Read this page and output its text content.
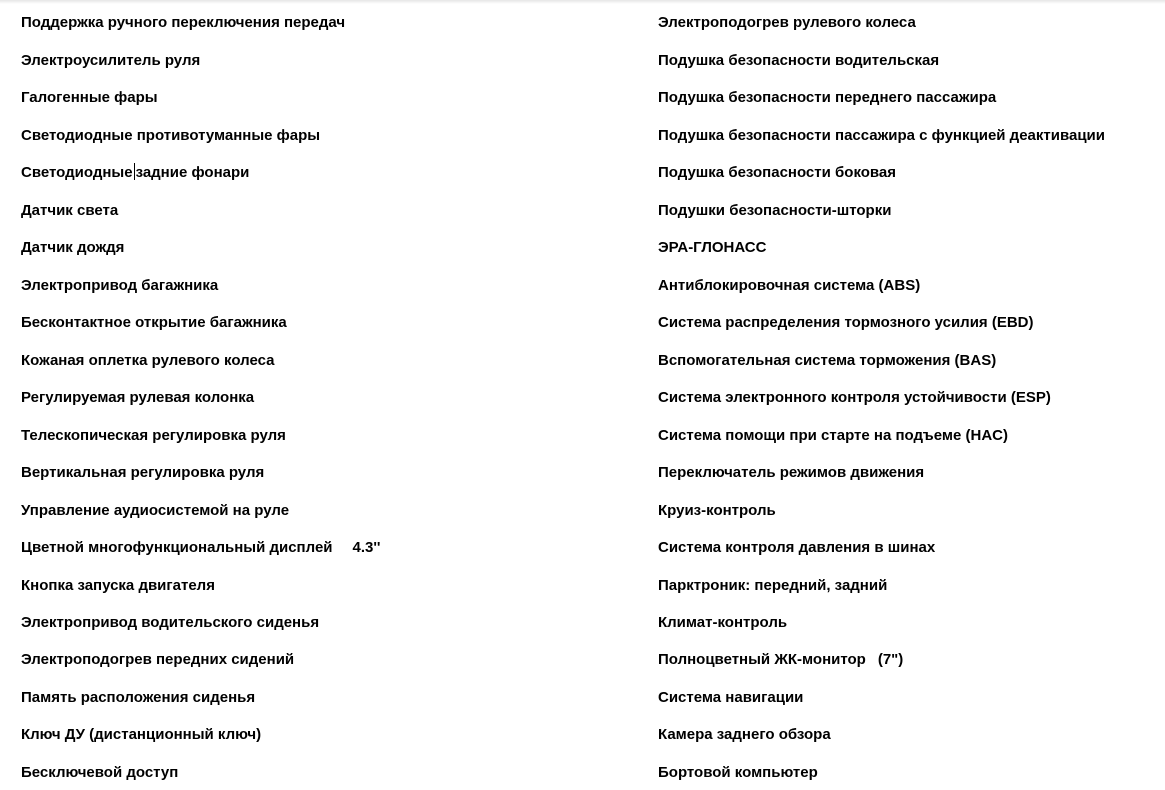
Поддержка ручного переключения передач
Электроусилитель руля
Галогенные фары
Светодиодные противотуманные фары
Светодиодные задние фонари
Датчик света
Датчик дождя
Электропривод багажника
Бесконтактное открытие багажника
Кожаная оплетка рулевого колеса
Регулируемая рулевая колонка
Телескопическая регулировка руля
Вертикальная регулировка руля
Управление аудиосистемой на руле
Цветной многофункциональный дисплей 4.3''
Кнопка запуска двигателя
Электропривод водительского сиденья
Электроподогрев передних сидений
Память расположения сиденья
Ключ ДУ (дистанционный ключ)
Бесключевой доступ
Электроподогрев рулевого колеса
Подушка безопасности водительская
Подушка безопасности переднего пассажира
Подушка безопасности пассажира с функцией деактивации
Подушка безопасности боковая
Подушки безопасности-шторки
ЭРА-ГЛОНАСС
Антиблокировочная система (ABS)
Система распределения тормозного усилия (EBD)
Вспомогательная система торможения (BAS)
Система электронного контроля устойчивости (ESP)
Система помощи при старте на подъеме (HAC)
Переключатель режимов движения
Круиз-контроль
Система контроля давления в шинах
Парктроник: передний, задний
Климат-контроль
Полноцветный ЖК-монитор (7")
Система навигации
Камера заднего обзора
Бортовой компьютер
